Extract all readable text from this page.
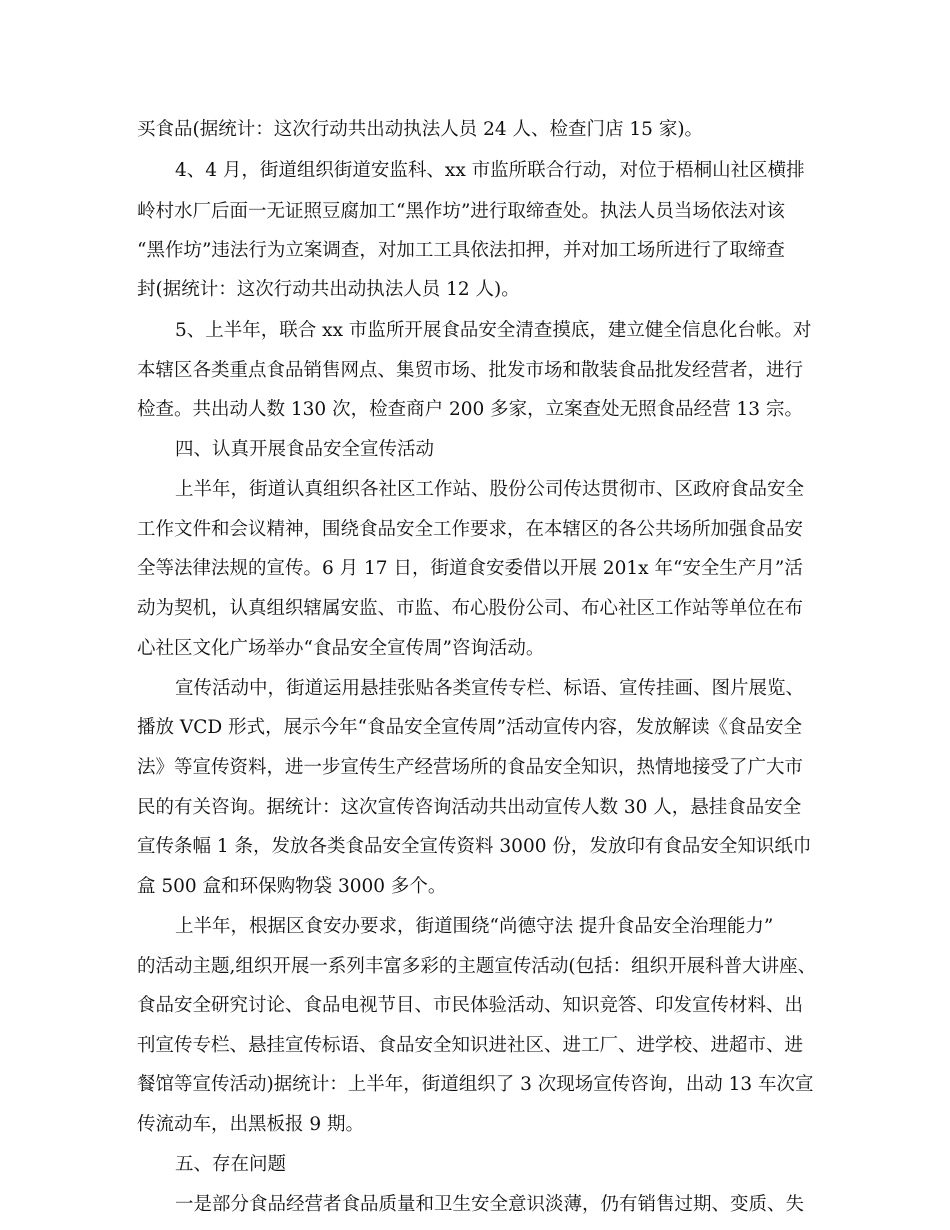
买食品(据统计：这次行动共出动执法人员 24 人、检查门店 15 家)。
4、4 月，街道组织街道安监科、xx 市监所联合行动，对位于梧桐山社区横排
岭村水厂后面一无证照豆腐加工“黑作坊”进行取缔查处。执法人员当场依法对该
“黑作坊”违法行为立案调查，对加工工具依法扣押，并对加工场所进行了取缔查
封(据统计：这次行动共出动执法人员 12 人)。
5、上半年，联合 xx 市监所开展食品安全清查摸底，建立健全信息化台帐。对
本辖区各类重点食品销售网点、集贸市场、批发市场和散装食品批发经营者，进行
检查。共出动人数 130 次，检查商户 200 多家，立案查处无照食品经营 13 宗。
四、认真开展食品安全宣传活动
上半年，街道认真组织各社区工作站、股份公司传达贯彻市、区政府食品安全
工作文件和会议精神，围绕食品安全工作要求，在本辖区的各公共场所加强食品安
全等法律法规的宣传。6 月 17 日，街道食安委借以开展 201x 年“安全生产月”活
动为契机，认真组织辖属安监、市监、布心股份公司、布心社区工作站等单位在布
心社区文化广场举办“食品安全宣传周”咨询活动。
宣传活动中，街道运用悬挂张贴各类宣传专栏、标语、宣传挂画、图片展览、
播放 VCD 形式，展示今年“食品安全宣传周”活动宣传内容，发放解读《食品安全
法》等宣传资料，进一步宣传生产经营场所的食品安全知识，热情地接受了广大市
民的有关咨询。据统计：这次宣传咨询活动共出动宣传人数 30 人，悬挂食品安全
宣传条幅 1 条，发放各类食品安全宣传资料 3000 份，发放印有食品安全知识纸巾
盒 500 盒和环保购物袋 3000 多个。
上半年，根据区食安办要求，街道围绕“尚德守法 提升食品安全治理能力”
的活动主题,组织开展一系列丰富多彩的主题宣传活动(包括：组织开展科普大讲座、
食品安全研究讨论、食品电视节目、市民体验活动、知识竞答、印发宣传材料、出
刊宣传专栏、悬挂宣传标语、食品安全知识进社区、进工厂、进学校、进超市、进
餐馆等宣传活动)据统计：上半年，街道组织了 3 次现场宣传咨询，出动 13 车次宣
传流动车，出黑板报 9 期。
五、存在问题
一是部分食品经营者食品质量和卫生安全意识淡薄，仍有销售过期、变质、失
